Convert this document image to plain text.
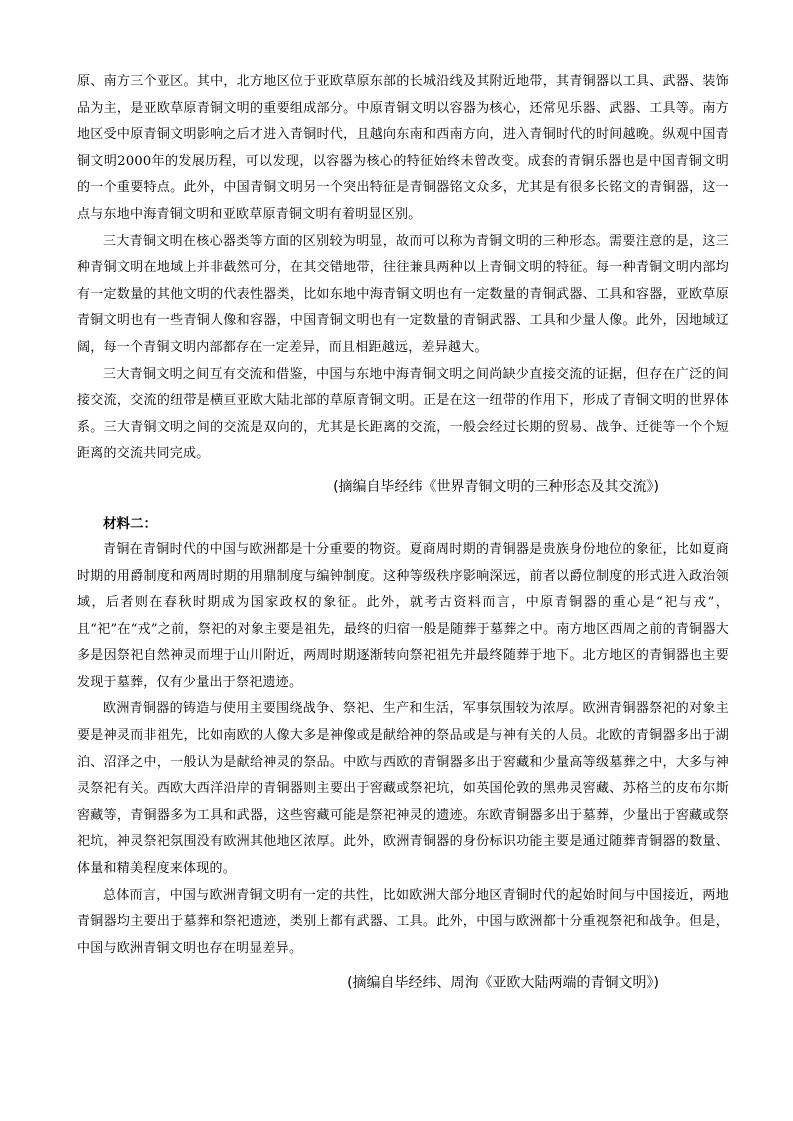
原、南方三个亚区。其中，北方地区位于亚欧草原东部的长城沿线及其附近地带，其青铜器以工具、武器、装饰品为主，是亚欧草原青铜文明的重要组成部分。中原青铜文明以容器为核心，还常见乐器、武器、工具等。南方地区受中原青铜文明影响之后才进入青铜时代，且越向东南和西南方向，进入青铜时代的时间越晚。纵观中国青铜文明2000年的发展历程，可以发现，以容器为核心的特征始终未曾改变。成套的青铜乐器也是中国青铜文明的一个重要特点。此外，中国青铜文明另一个突出特征是青铜器铭文众多，尤其是有很多长铭文的青铜器，这一点与东地中海青铜文明和亚欧草原青铜文明有着明显区别。

三大青铜文明在核心器类等方面的区别较为明显，故而可以称为青铜文明的三种形态。需要注意的是，这三种青铜文明在地域上并非截然可分，在其交错地带，往往兼具两种以上青铜文明的特征。每一种青铜文明内部均有一定数量的其他文明的代表性器类，比如东地中海青铜文明也有一定数量的青铜武器、工具和容器，亚欧草原青铜文明也有一些青铜人像和容器，中国青铜文明也有一定数量的青铜武器、工具和少量人像。此外，因地域辽阔，每一个青铜文明内部都存在一定差异，而且相距越远，差异越大。

三大青铜文明之间互有交流和借鉴，中国与东地中海青铜文明之间尚缺少直接交流的证据，但存在广泛的间接交流，交流的纽带是横亘亚欧大陆北部的草原青铜文明。正是在这一纽带的作用下，形成了青铜文明的世界体系。三大青铜文明之间的交流是双向的，尤其是长距离的交流，一般会经过长期的贸易、战争、迁徙等一个个短距离的交流共同完成。

(摘编自毕经纬《世界青铜文明的三种形态及其交流》)

材料二：

青铜在青铜时代的中国与欧洲都是十分重要的物资。夏商周时期的青铜器是贵族身份地位的象征，比如夏商时期的用爵制度和两周时期的用鼎制度与编钟制度。这种等级秩序影响深远，前者以爵位制度的形式进入政治领域，后者则在春秋时期成为国家政权的象征。此外，就考古资料而言，中原青铜器的重心是“祀与戎”，且“祀”在“戎”之前，祭祀的对象主要是祖先，最终的归宿一般是随葬于墓葬之中。南方地区西周之前的青铜器大多是因祭祀自然神灵而埋于山川附近，两周时期逐渐转向祭祀祖先并最终随葬于地下。北方地区的青铜器也主要发现于墓葬，仅有少量出于祭祀遗迹。

欧洲青铜器的铸造与使用主要围绕战争、祭祀、生产和生活，军事氛围较为浓厚。欧洲青铜器祭祀的对象主要是神灵而非祖先，比如南欧的人像大多是神像或是献给神的祭品或是与神有关的人员。北欧的青铜器多出于湖泊、沼泽之中，一般认为是献给神灵的祭品。中欧与西欧的青铜器多出于窖藏和少量高等级墓葬之中，大多与神灵祭祀有关。西欧大西洋沿岸的青铜器则主要出于窖藏或祭祀坑，如英国伦敦的黑弗灵窖藏、苏格兰的皮布尔斯窖藏等，青铜器多为工具和武器，这些窖藏可能是祭祀神灵的遗迹。东欧青铜器多出于墓葬，少量出于窖藏或祭祀坑，神灵祭祀氛围没有欧洲其他地区浓厚。此外，欧洲青铜器的身份标识功能主要是通过随葬青铜器的数量、体量和精美程度来体现的。

总体而言，中国与欧洲青铜文明有一定的共性，比如欧洲大部分地区青铜时代的起始时间与中国接近，两地青铜器均主要出于墓葬和祭祀遗迹，类别上都有武器、工具。此外，中国与欧洲都十分重视祭祀和战争。但是，中国与欧洲青铜文明也存在明显差异。

(摘编自毕经纬、周洵《亚欧大陆两端的青铜文明》)
